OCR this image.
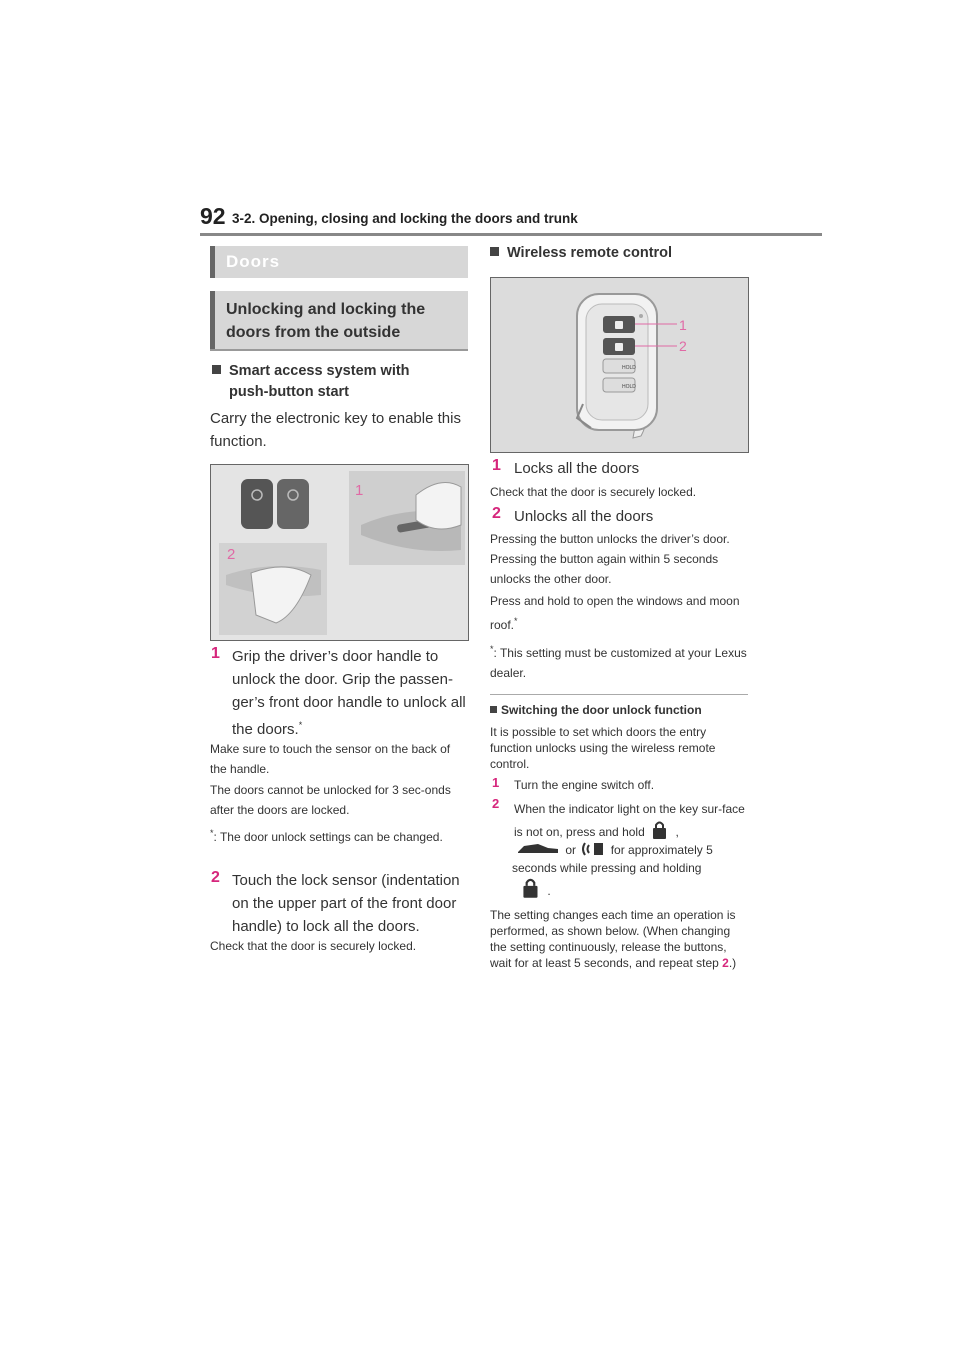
92 3-2. Opening, closing and locking the doors and trunk
Doors
Unlocking and locking the doors from the outside
Smart access system with push-button start
Carry the electronic key to enable this function.
1
2
1 Grip the driver’s door handle to unlock the door. Grip the passen-ger’s front door handle to unlock all the doors.*
Make sure to touch the sensor on the back of the handle.
The doors cannot be unlocked for 3 sec-onds after the doors are locked.
*: The door unlock settings can be changed.
2 Touch the lock sensor (indentation on the upper part of the front door handle) to lock all the doors.
Check that the door is securely locked.
Wireless remote control
HOLD
HOLD
1
2
1 Locks all the doors
Check that the door is securely locked.
2 Unlocks all the doors
Pressing the button unlocks the driver’s door. Pressing the button again within 5 seconds unlocks the other door.
Press and hold to open the windows and moon roof.*
*: This setting must be customized at your Lexus dealer.
Switching the door unlock function
It is possible to set which doors the entry function unlocks using the wireless remote control.
1 Turn the engine switch off.
2 When the indicator light on the key sur-face is not on, press and hold	,
or	for approximately 5
seconds while pressing and holding
.
The setting changes each time an operation is performed, as shown below. (When changing the setting continuously, release the buttons, wait for at least 5 seconds, and repeat step 2.)
